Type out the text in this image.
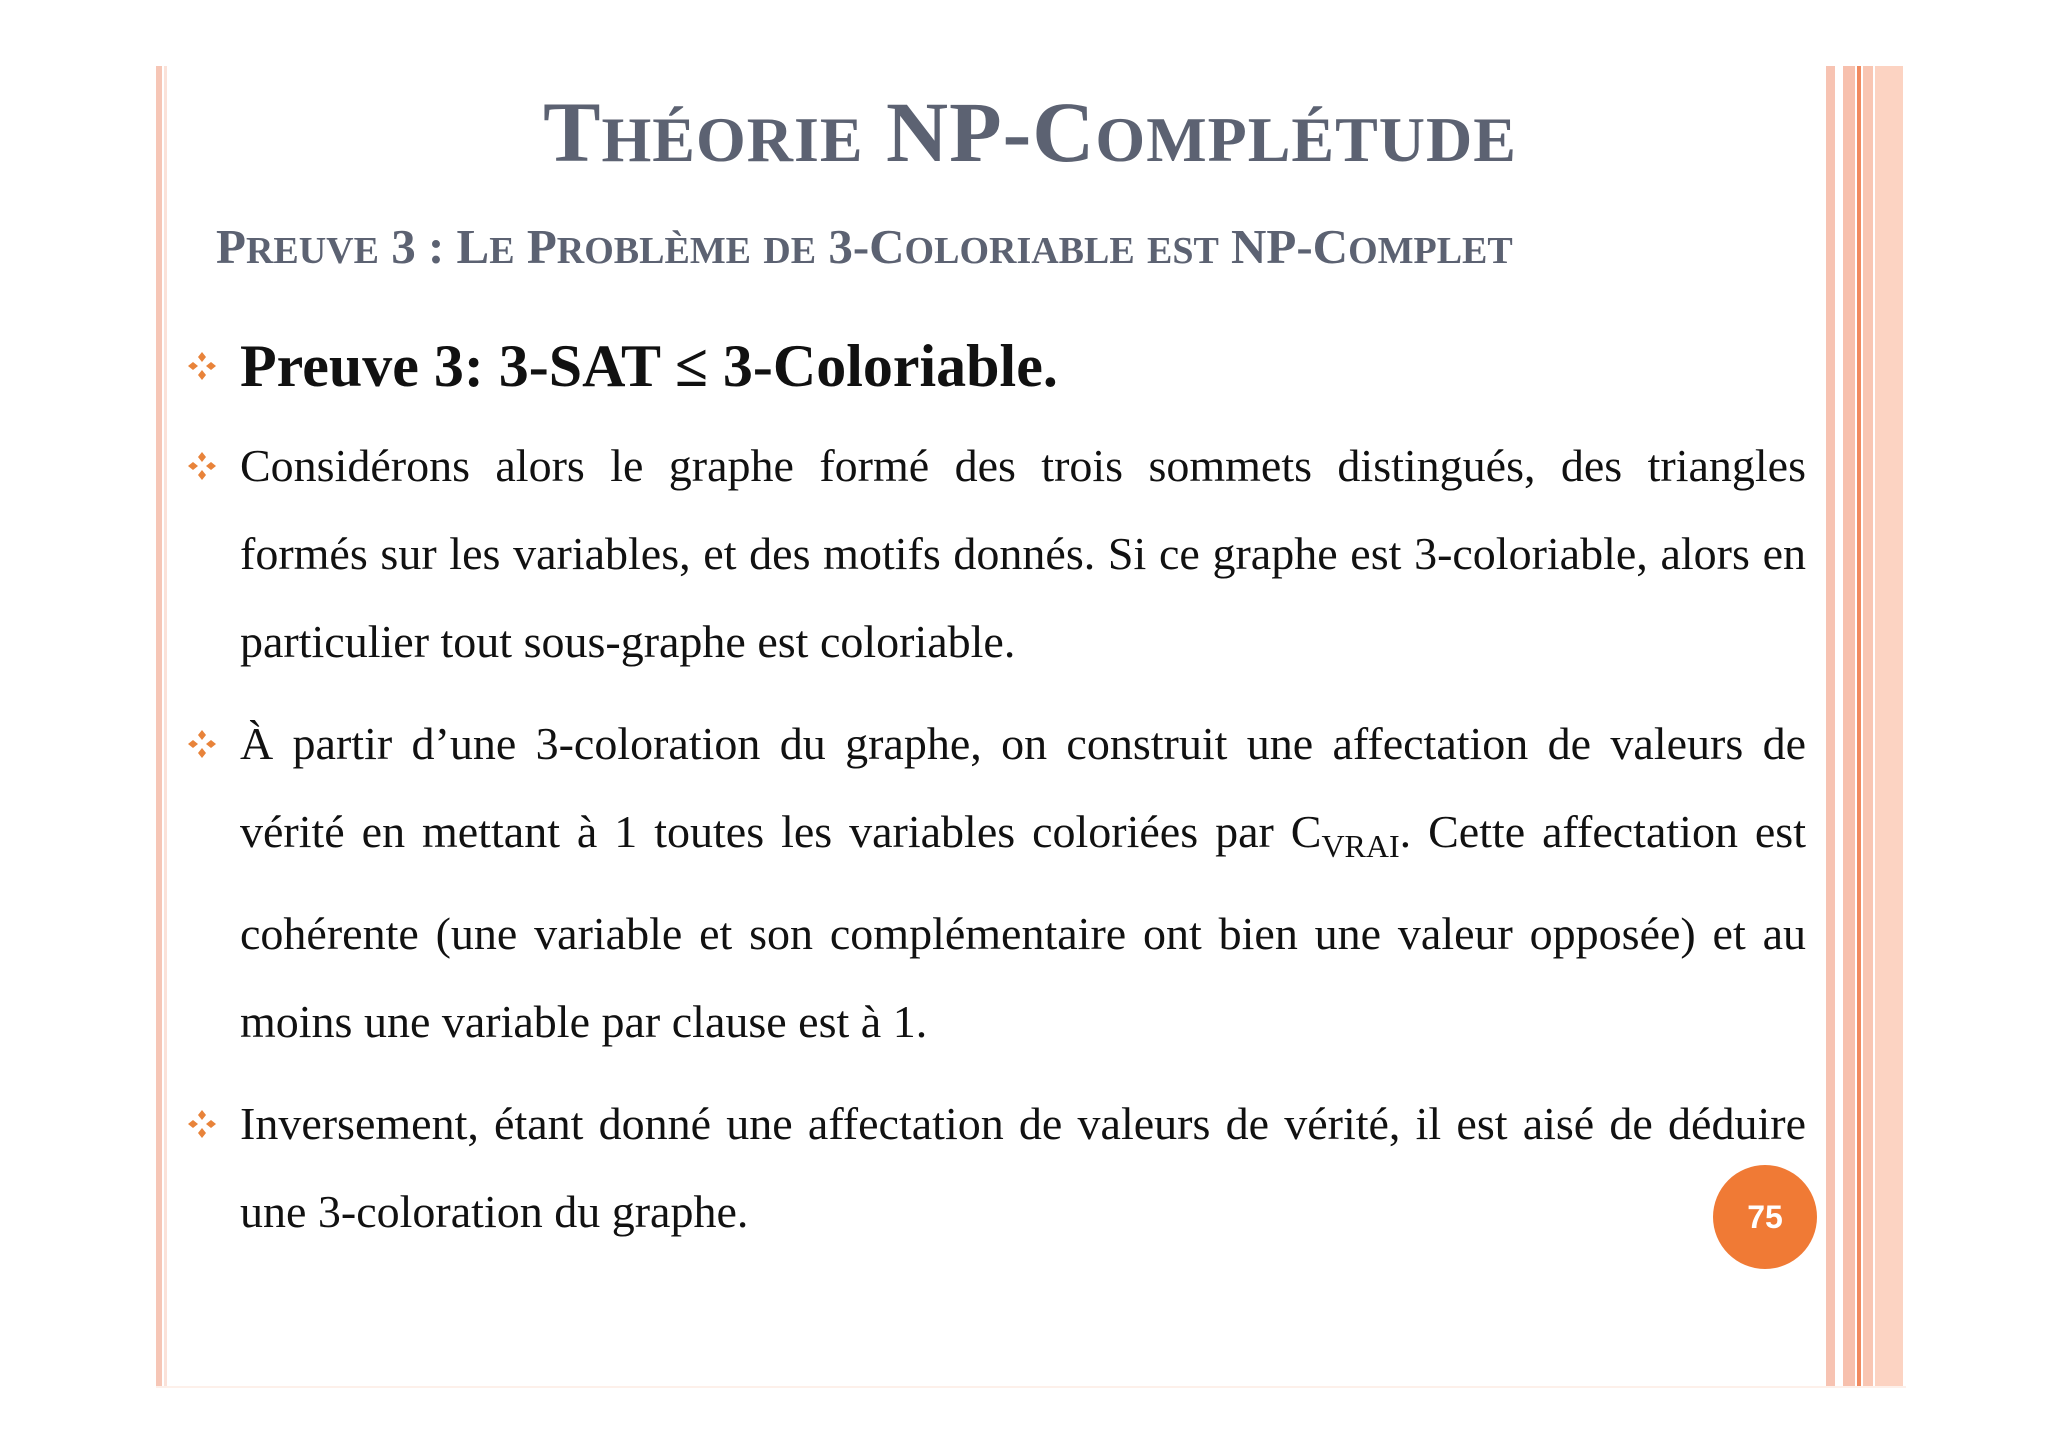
THÉORIE NP-COMPLÉTUDE
PREUVE 3 : LE PROBLÈME DE 3-COLORIABLE EST NP-COMPLET
Preuve 3: 3-SAT ≤ 3-Coloriable.
Considérons alors le graphe formé des trois sommets distingués, des triangles formés sur les variables, et des motifs donnés. Si ce graphe est 3-coloriable, alors en particulier tout sous-graphe est coloriable.
À partir d’une 3-coloration du graphe, on construit une affectation de valeurs de vérité en mettant à 1 toutes les variables coloriées par $C_{VRAI}$. Cette affectation est cohérente (une variable et son complémentaire ont bien une valeur opposée) et au moins une variable par clause est à 1.
Inversement, étant donné une affectation de valeurs de vérité, il est aisé de déduire une 3-coloration du graphe.	75
